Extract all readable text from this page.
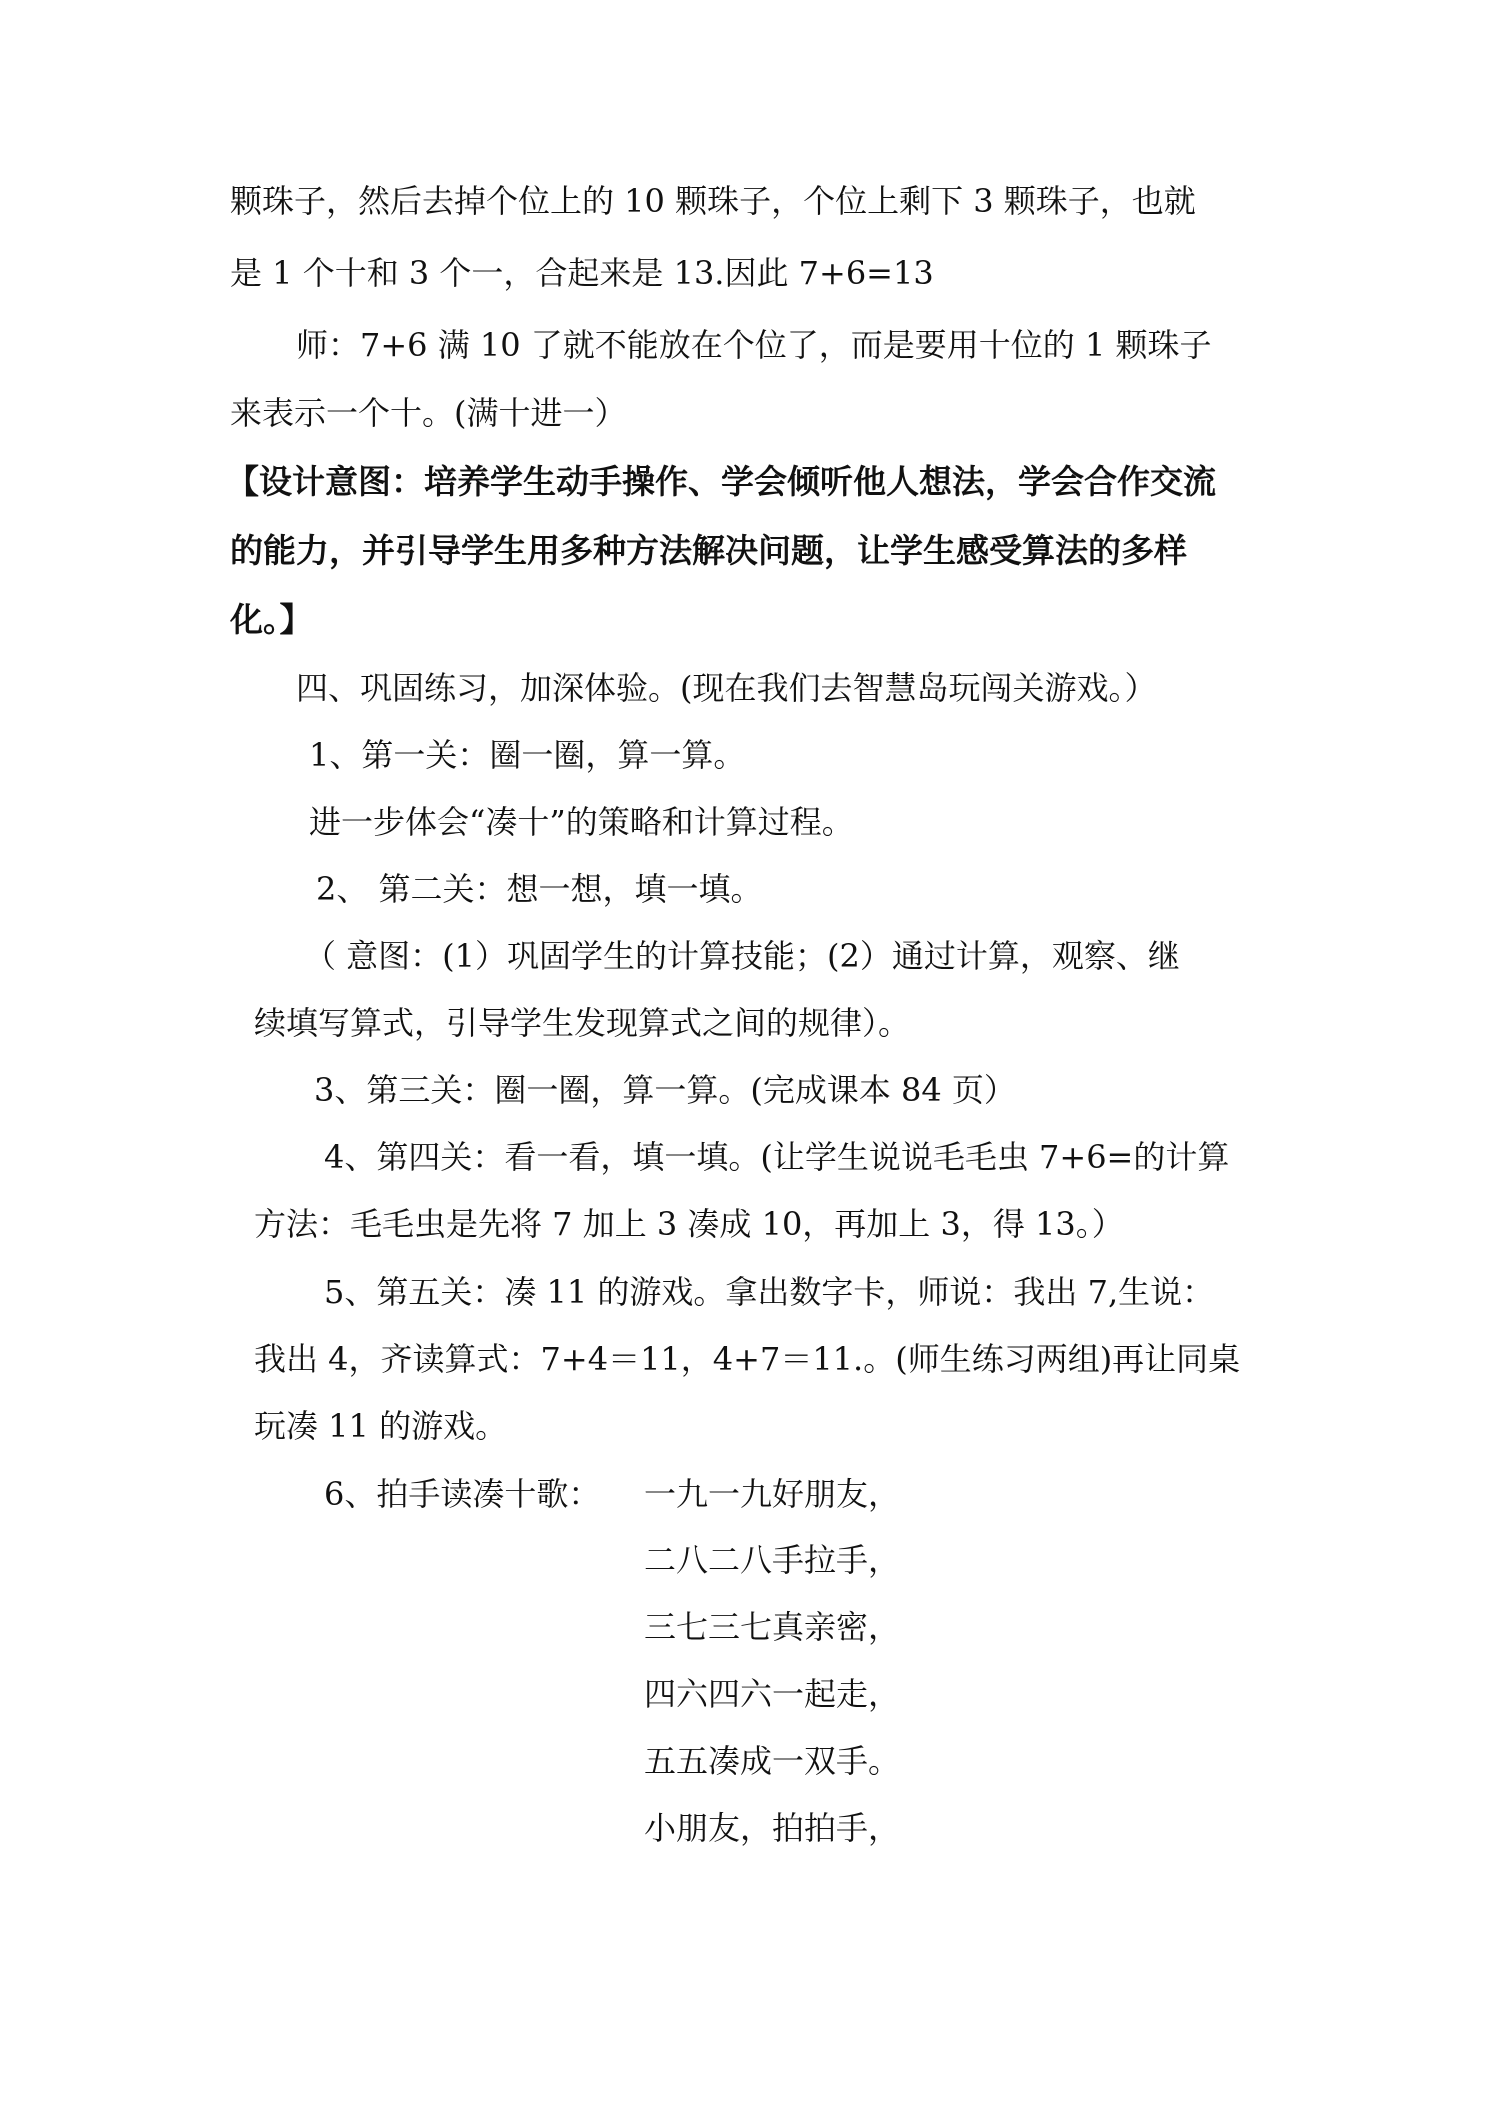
颗珠子，然后去掉个位上的 10 颗珠子，个位上剩下 3 颗珠子，也就
是 1 个十和 3 个一，合起来是 13.因此 7+6=13
师：7+6 满 10 了就不能放在个位了，而是要用十位的 1 颗珠子
来表示一个十。(满十进一）
【设计意图：培养学生动手操作、学会倾听他人想法，学会合作交流
的能力，并引导学生用多种方法解决问题，让学生感受算法的多样
化。】
四、巩固练习，加深体验。(现在我们去智慧岛玩闯关游戏。）
1、第一关：圈一圈，算一算。
进一步体会“凑十”的策略和计算过程。
2、 第二关：想一想，填一填。
（ 意图：(1）巩固学生的计算技能；(2）通过计算，观察、继
续填写算式，引导学生发现算式之间的规律）。
3、第三关：圈一圈，算一算。(完成课本 84 页）
4、第四关：看一看，填一填。(让学生说说毛毛虫 7+6=的计算
方法：毛毛虫是先将 7 加上 3 凑成 10，再加上 3，得 13。）
5、第五关：凑 11 的游戏。拿出数字卡，师说：我出 7,生说：
我出 4，齐读算式：7+4＝11，4+7＝11.。(师生练习两组)再让同桌
玩凑 11 的游戏。
6、拍手读凑十歌： 一九一九好朋友，
二八二八手拉手，
三七三七真亲密，
四六四六一起走，
五五凑成一双手。
小朋友，拍拍手，
